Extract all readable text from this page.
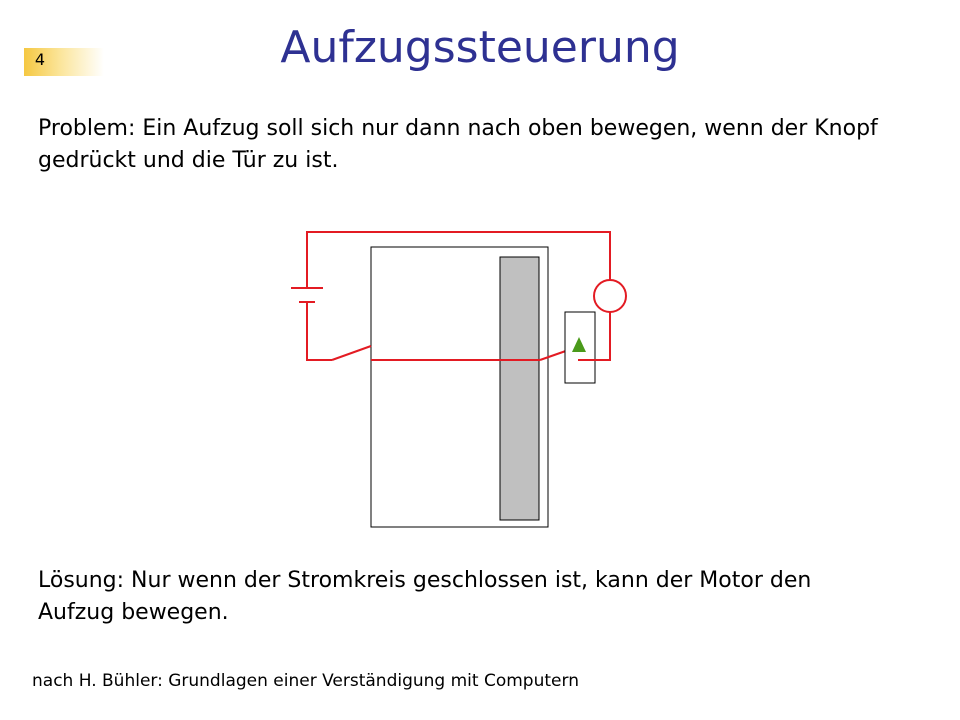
4	Aufzugssteuerung
Problem: Ein Aufzug soll sich nur dann nach oben bewegen, wenn der Knopf gedrückt und die Tür zu ist.
Lösung: Nur wenn der Stromkreis geschlossen ist, kann der Motor den Aufzug bewegen.
nach H. Bühler: Grundlagen einer Verständigung mit Computern
